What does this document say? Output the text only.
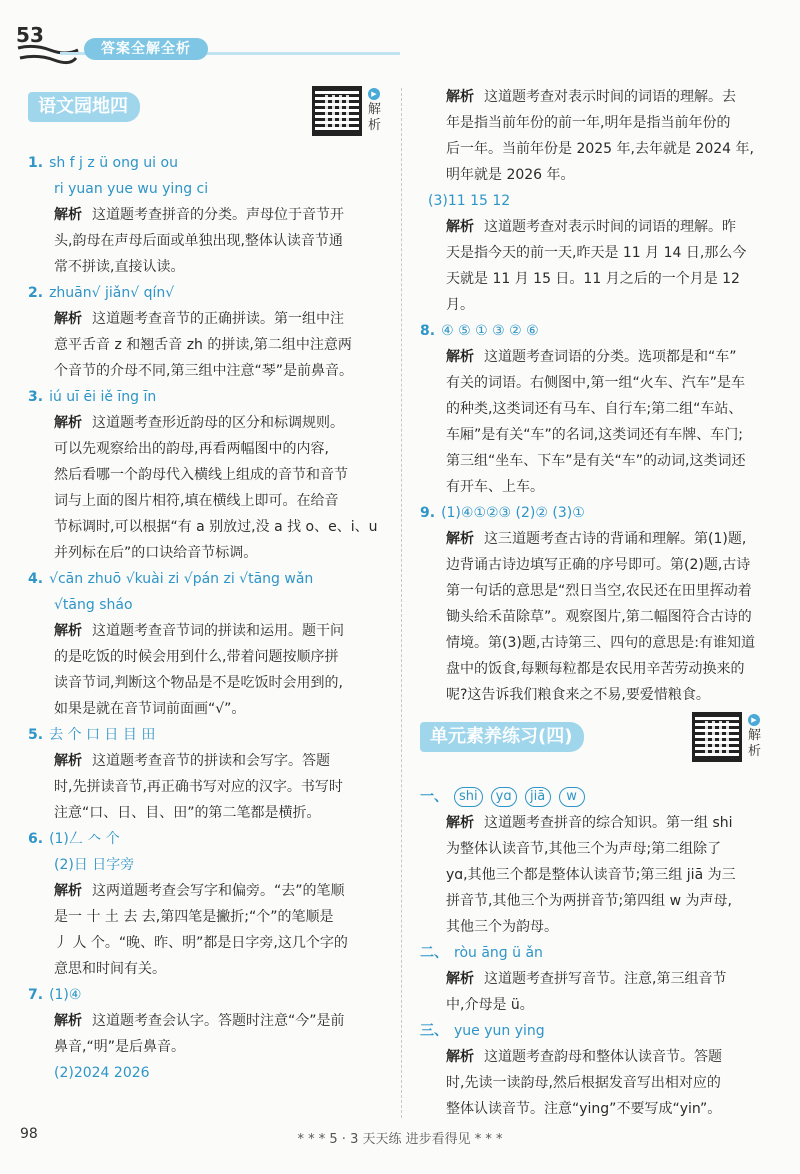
5 3
答案全解全析
语文园地四
▶
解析
1. sh f j z ü ong ui ou
ri yuan yue wu ying ci
解析 这道题考查拼音的分类。声母位于音节开
头,韵母在声母后面或单独出现,整体认读音节通
常不拼读,直接认读。
2. zhuān√ jiǎn√ qín√
解析 这道题考查音节的正确拼读。第一组中注
意平舌音 z 和翘舌音 zh 的拼读,第二组中注意两
个音节的介母不同,第三组中注意“琴”是前鼻音。
3. iú uī ēi iě īng īn
解析 这道题考查形近韵母的区分和标调规则。
可以先观察给出的韵母,再看两幅图中的内容,
然后看哪一个韵母代入横线上组成的音节和音节
词与上面的图片相符,填在横线上即可。在给音
节标调时,可以根据“有 a 别放过,没 a 找 o、e、i、u
并列标在后”的口诀给音节标调。
4. √cān zhuō √kuài zi √pán zi √tāng wǎn
√tāng sháo
解析 这道题考查音节词的拼读和运用。题干问
的是吃饭的时候会用到什么,带着问题按顺序拼
读音节词,判断这个物品是不是吃饭时会用到的,
如果是就在音节词前面画“√”。
5. 去 个 口 日 目 田
解析 这道题考查音节的拼读和会写字。答题
时,先拼读音节,再正确书写对应的汉字。书写时
注意“口、日、目、田”的第二笔都是横折。
6. (1)𠃋 𠆢 个
(2)日 日字旁
解析 这两道题考查会写字和偏旁。“去”的笔顺
是一 十 土 去 去,第四笔是撇折;“个”的笔顺是
丿 人 个。“晚、昨、明”都是日字旁,这几个字的
意思和时间有关。
7. (1)④
解析 这道题考查会认字。答题时注意“今”是前
鼻音,“明”是后鼻音。
(2)2024 2026
解析 这道题考查对表示时间的词语的理解。去
年是指当前年份的前一年,明年是指当前年份的
后一年。当前年份是 2025 年,去年就是 2024 年,
明年就是 2026 年。
(3)11 15 12
解析 这道题考查对表示时间的词语的理解。昨
天是指今天的前一天,昨天是 11 月 14 日,那么今
天就是 11 月 15 日。11 月之后的一个月是 12 月。
8. ④ ⑤ ① ③ ② ⑥
解析 这道题考查词语的分类。选项都是和“车”
有关的词语。右侧图中,第一组“火车、汽车”是车
的种类,这类词还有马车、自行车;第二组“车站、
车厢”是有关“车”的名词,这类词还有车牌、车门;
第三组“坐车、下车”是有关“车”的动词,这类词还
有开车、上车。
9. (1)④①②③ (2)② (3)①
解析 这三道题考查古诗的背诵和理解。第(1)题,
边背诵古诗边填写正确的序号即可。第(2)题,古诗
第一句话的意思是“烈日当空,农民还在田里挥动着
锄头给禾苗除草”。观察图片,第二幅图符合古诗的
情境。第(3)题,古诗第三、四句的意思是:有谁知道
盘中的饭食,每颗每粒都是农民用辛苦劳动换来的
呢?这告诉我们粮食来之不易,要爱惜粮食。
单元素养练习(四)
▶
解析
一、 shi	yɑ	jiā	w
解析 这道题考查拼音的综合知识。第一组 shi
为整体认读音节,其他三个为声母;第二组除了
yɑ,其他三个都是整体认读音节;第三组 jiā 为三
拼音节,其他三个为两拼音节;第四组 w 为声母,
其他三个为韵母。
二、 ròu ānɡ ü ǎn
解析 这道题考查拼写音节。注意,第三组音节
中,介母是 ü。
三、 yue yun ying
解析 这道题考查韵母和整体认读音节。答题
时,先读一读韵母,然后根据发音写出相对应的
整体认读音节。注意“ying”不要写成“yin”。
98	* * * 5 · 3 天天练 进步看得见 * * *
